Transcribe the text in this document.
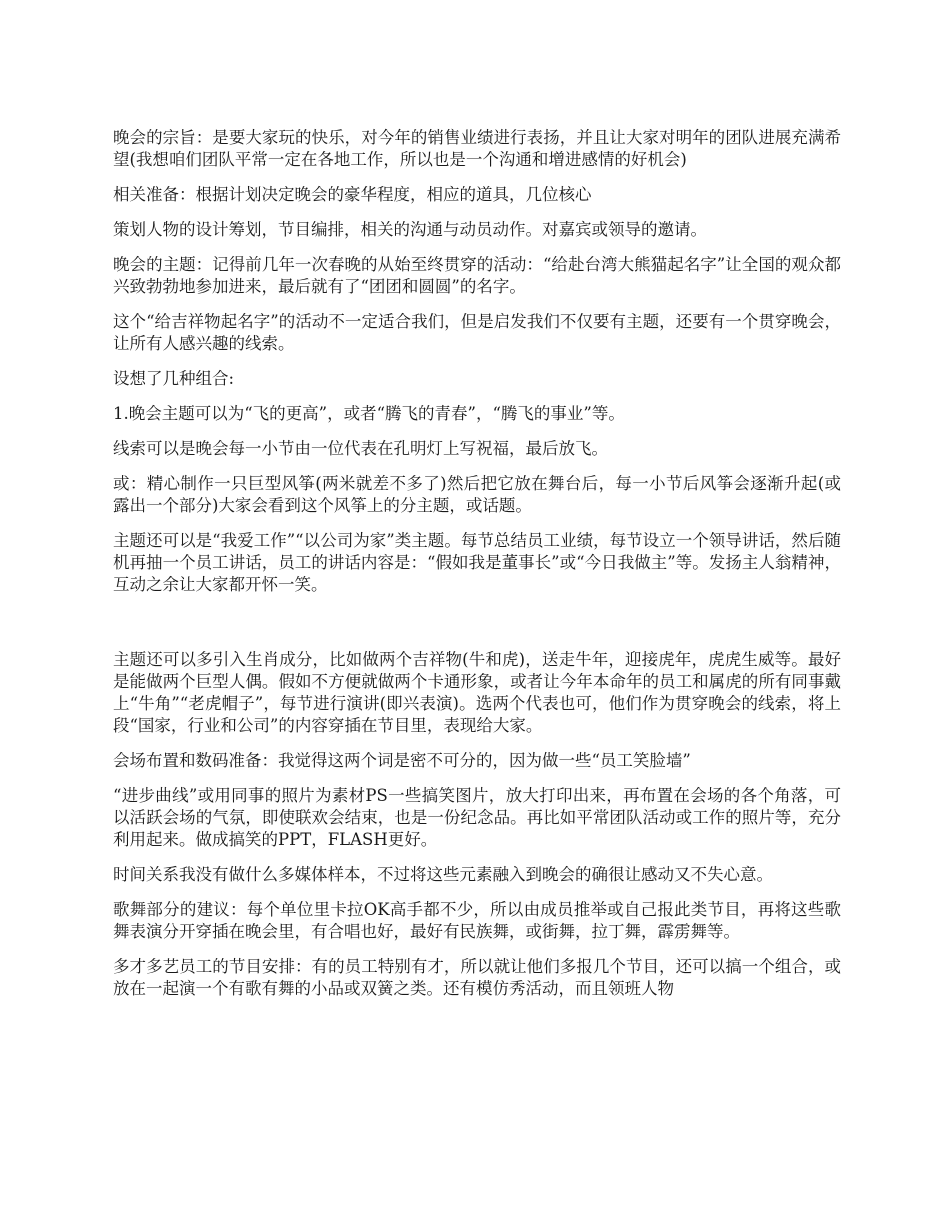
晚会的宗旨：是要大家玩的快乐，对今年的销售业绩进行表扬，并且让大家对明年的团队进展充满希望(我想咱们团队平常一定在各地工作，所以也是一个沟通和增进感情的好机会)

相关准备：根据计划决定晚会的豪华程度，相应的道具，几位核心

策划人物的设计筹划，节目编排，相关的沟通与动员动作。对嘉宾或领导的邀请。

晚会的主题：记得前几年一次春晚的从始至终贯穿的活动：“给赴台湾大熊猫起名字”让全国的观众都兴致勃勃地参加进来，最后就有了“团团和圆圆”的名字。

这个“给吉祥物起名字”的活动不一定适合我们，但是启发我们不仅要有主题，还要有一个贯穿晚会，让所有人感兴趣的线索。

设想了几种组合:

1.晚会主题可以为“飞的更高”，或者“腾飞的青春”，“腾飞的事业”等。

线索可以是晚会每一小节由一位代表在孔明灯上写祝福，最后放飞。

或：精心制作一只巨型风筝(两米就差不多了)然后把它放在舞台后，每一小节后风筝会逐渐升起(或露出一个部分)大家会看到这个风筝上的分主题，或话题。

主题还可以是“我爱工作”“以公司为家”类主题。每节总结员工业绩，每节设立一个领导讲话，然后随机再抽一个员工讲话，员工的讲话内容是：“假如我是董事长”或“今日我做主”等。发扬主人翁精神，互动之余让大家都开怀一笑。

主题还可以多引入生肖成分，比如做两个吉祥物(牛和虎)，送走牛年，迎接虎年，虎虎生威等。最好是能做两个巨型人偶。假如不方便就做两个卡通形象，或者让今年本命年的员工和属虎的所有同事戴上“牛角”“老虎帽子”，每节进行演讲(即兴表演)。选两个代表也可，他们作为贯穿晚会的线索，将上段“国家，行业和公司”的内容穿插在节目里，表现给大家。

会场布置和数码准备：我觉得这两个词是密不可分的，因为做一些“员工笑脸墙”

“进步曲线”或用同事的照片为素材PS一些搞笑图片，放大打印出来，再布置在会场的各个角落，可以活跃会场的气氛，即使联欢会结束，也是一份纪念品。再比如平常团队活动或工作的照片等，充分利用起来。做成搞笑的PPT，FLASH更好。

时间关系我没有做什么多媒体样本，不过将这些元素融入到晚会的确很让感动又不失心意。

歌舞部分的建议：每个单位里卡拉OK高手都不少，所以由成员推举或自己报此类节目，再将这些歌舞表演分开穿插在晚会里，有合唱也好，最好有民族舞，或街舞，拉丁舞，霹雳舞等。

多才多艺员工的节目安排：有的员工特别有才，所以就让他们多报几个节目，还可以搞一个组合，或放在一起演一个有歌有舞的小品或双簧之类。还有模仿秀活动，而且领班人物
